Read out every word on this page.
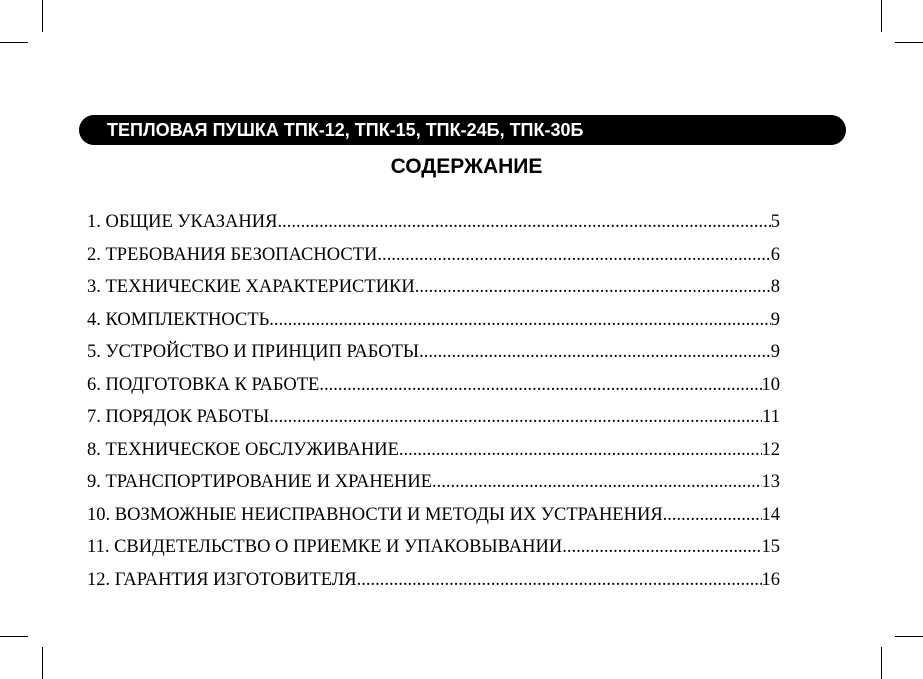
ТЕПЛОВАЯ ПУШКА ТПК-12, ТПК-15, ТПК-24Б, ТПК-30Б
СОДЕРЖАНИЕ
1. ОБЩИЕ УКАЗАНИЯ .....	5
2. ТРЕБОВАНИЯ БЕЗОПАСНОСТИ .....	6
3. ТЕХНИЧЕСКИЕ ХАРАКТЕРИСТИКИ .....	8
4. КОМПЛЕКТНОСТЬ .....	9
5. УСТРОЙСТВО И ПРИНЦИП РАБОТЫ .....	9
6. ПОДГОТОВКА К РАБОТЕ .....	10
7. ПОРЯДОК РАБОТЫ .....	11
8. ТЕХНИЧЕСКОЕ ОБСЛУЖИВАНИЕ .....	12
9. ТРАНСПОРТИРОВАНИЕ И ХРАНЕНИЕ .....	13
10. ВОЗМОЖНЫЕ НЕИСПРАВНОСТИ И МЕТОДЫ ИХ УСТРАНЕНИЯ .....	14
11. СВИДЕТЕЛЬСТВО О ПРИЕМКЕ И УПАКОВЫВАНИИ .....	15
12. ГАРАНТИЯ ИЗГОТОВИТЕЛЯ .....	16
